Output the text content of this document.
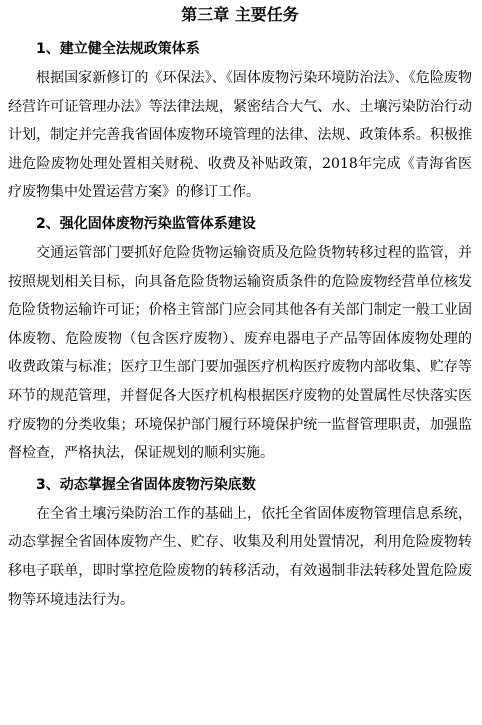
第三章 主要任务
1、建立健全法规政策体系

根据国家新修订的《环保法》、《固体废物污染环境防治法》、《危险废物经营许可证管理办法》等法律法规，紧密结合大气、水、土壤污染防治行动计划，制定并完善我省固体废物环境管理的法律、法规、政策体系。积极推进危险废物处理处置相关财税、收费及补贴政策，2018年完成《青海省医疗废物集中处置运营方案》的修订工作。

2、强化固体废物污染监管体系建设

交通运管部门要抓好危险货物运输资质及危险货物转移过程的监管，并按照规划相关目标，向具备危险货物运输资质条件的危险废物经营单位核发危险货物运输许可证；价格主管部门应会同其他各有关部门制定一般工业固体废物、危险废物（包含医疗废物）、废弃电器电子产品等固体废物处理的收费政策与标准；医疗卫生部门要加强医疗机构医疗废物内部收集、贮存等环节的规范管理，并督促各大医疗机构根据医疗废物的处置属性尽快落实医疗废物的分类收集；环境保护部门履行环境保护统一监督管理职责，加强监督检查，严格执法，保证规划的顺利实施。

3、动态掌握全省固体废物污染底数

在全省土壤污染防治工作的基础上，依托全省固体废物管理信息系统，动态掌握全省固体废物产生、贮存、收集及利用处置情况，利用危险废物转移电子联单，即时掌控危险废物的转移活动，有效遏制非法转移处置危险废物等环境违法行为。
